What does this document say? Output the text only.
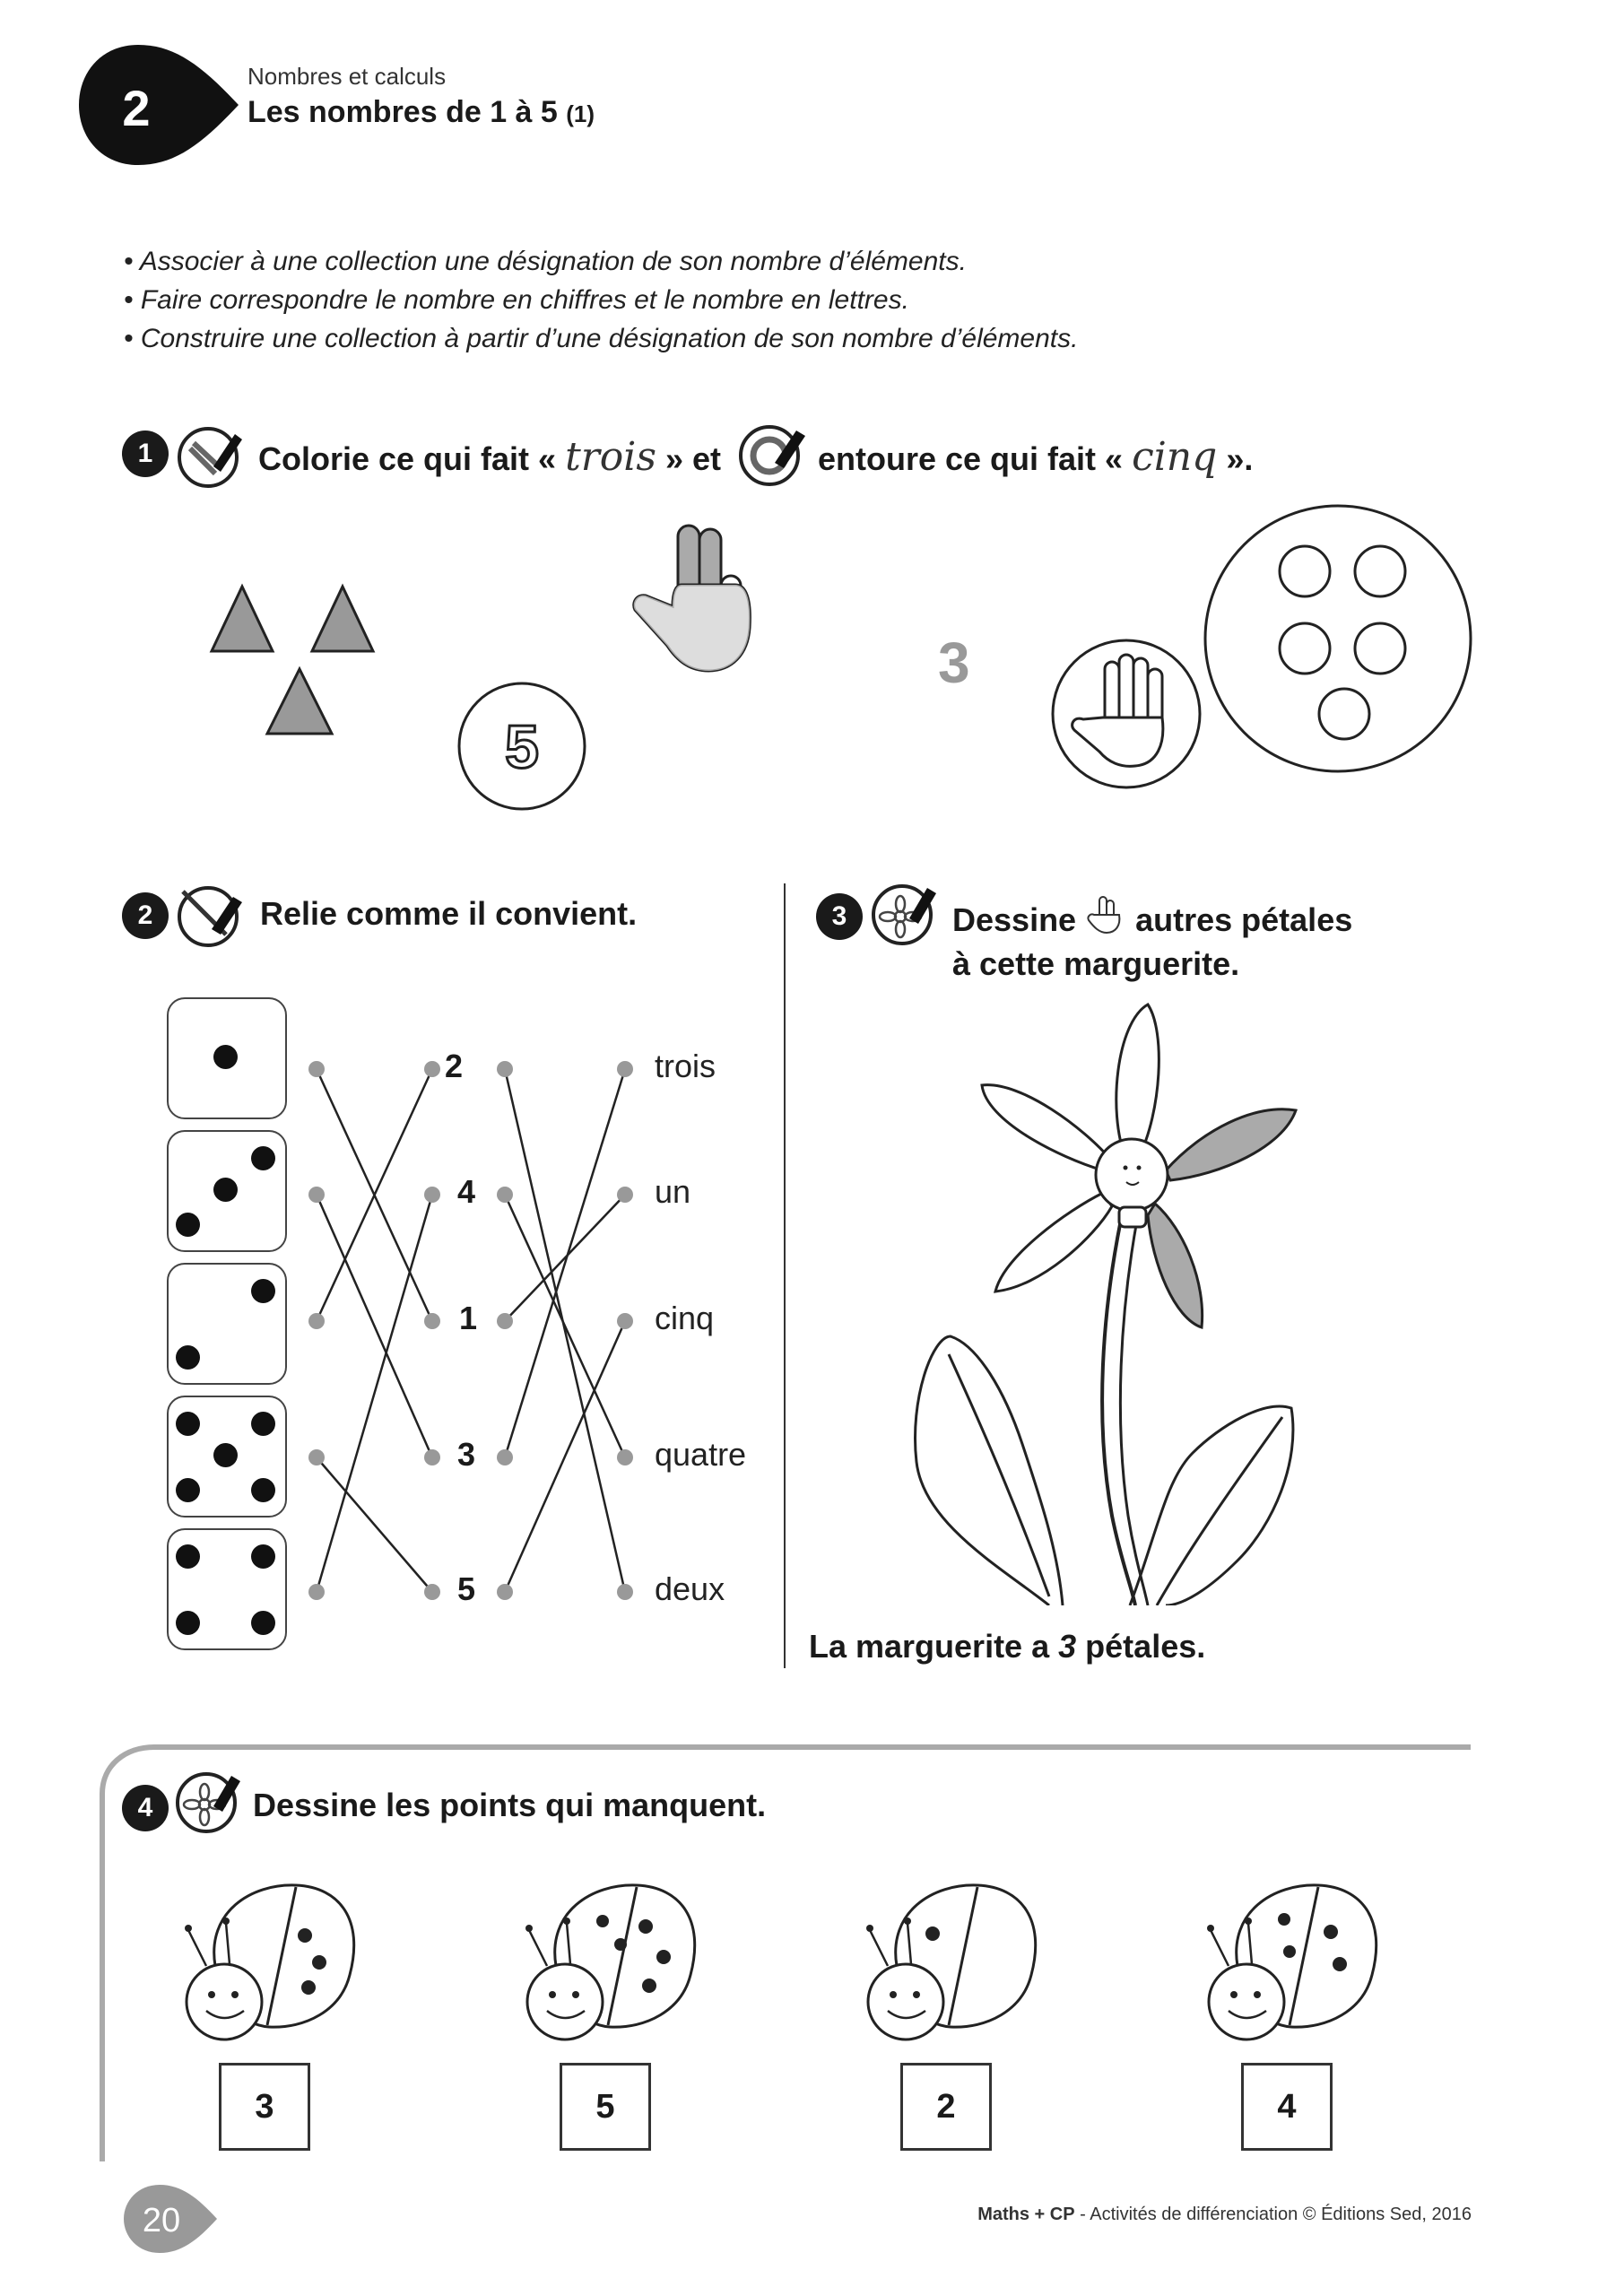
2
Nombres et calculs
Les nombres de 1 à 5 (1)
• Associer à une collection une désignation de son nombre d’éléments.
• Faire correspondre le nombre en chiffres et le nombre en lettres.
• Construire une collection à partir d’une désignation de son nombre d’éléments.
1	Colorie ce qui fait « trois » et	entoure ce qui fait « cinq ».
5
3
2	Relie comme il convient.
2
4
1
3
5
trois
un
cinq
quatre
deux
3	Dessine autres pétales
à cette marguerite.
La marguerite a 3 pétales.
4	Dessine les points qui manquent.
3	5	2	4
20	Maths + CP - Activités de différenciation © Éditions Sed, 2016
